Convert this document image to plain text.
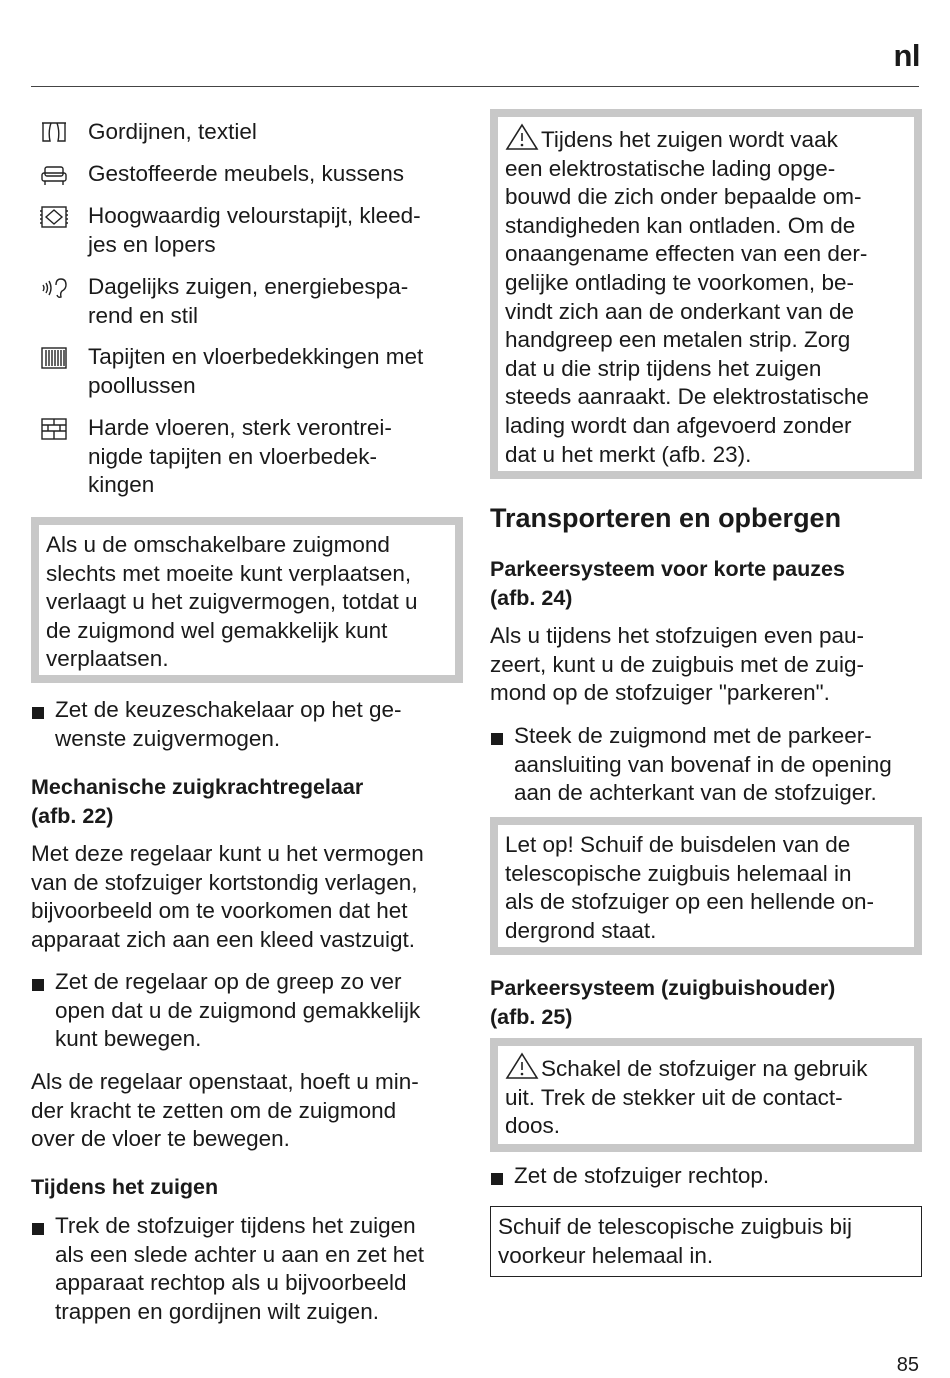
nl
Gordijnen, textiel
Gestoffeerde meubels, kussens
Hoogwaardig velourstapijt, kleed-
jes en lopers
Dagelijks zuigen, energiebespa-
rend en stil
Tapijten en vloerbedekkingen met
poollussen
Harde vloeren, sterk verontrei-
nigde tapijten en vloerbedek-
kingen
Als u de omschakelbare zuigmond
slechts met moeite kunt verplaatsen,
verlaagt u het zuigvermogen, totdat u
de zuigmond wel gemakkelijk kunt
verplaatsen.
Zet de keuzeschakelaar op het ge-
wenste zuigvermogen.
Mechanische zuigkrachtregelaar
(afb. 22)
Met deze regelaar kunt u het vermogen
van de stofzuiger kortstondig verlagen,
bijvoorbeeld om te voorkomen dat het
apparaat zich aan een kleed vastzuigt.
Zet de regelaar op de greep zo ver
open dat u de zuigmond gemakkelijk
kunt bewegen.
Als de regelaar openstaat, hoeft u min-
der kracht te zetten om de zuigmond
over de vloer te bewegen.
Tijdens het zuigen
Trek de stofzuiger tijdens het zuigen
als een slede achter u aan en zet het
apparaat rechtop als u bijvoorbeeld
trappen en gordijnen wilt zuigen.
Tijdens het zuigen wordt vaak
een elektrostatische lading opge-
bouwd die zich onder bepaalde om-
standigheden kan ontladen. Om de
onaangename effecten van een der-
gelijke ontlading te voorkomen, be-
vindt zich aan de onderkant van de
handgreep een metalen strip. Zorg
dat u die strip tijdens het zuigen
steeds aanraakt. De elektrostatische
lading wordt dan afgevoerd zonder
dat u het merkt (afb. 23).
Transporteren en opbergen
Parkeersysteem voor korte pauzes
(afb. 24)
Als u tijdens het stofzuigen even pau-
zeert, kunt u de zuigbuis met de zuig-
mond op de stofzuiger "parkeren".
Steek de zuigmond met de parkeer-
aansluiting van bovenaf in de opening
aan de achterkant van de stofzuiger.
Let op! Schuif de buisdelen van de
telescopische zuigbuis helemaal in
als de stofzuiger op een hellende on-
dergrond staat.
Parkeersysteem (zuigbuishouder)
(afb. 25)
Schakel de stofzuiger na gebruik
uit. Trek de stekker uit de contact-
doos.
Zet de stofzuiger rechtop.
Schuif de telescopische zuigbuis bij
voorkeur helemaal in.
85
